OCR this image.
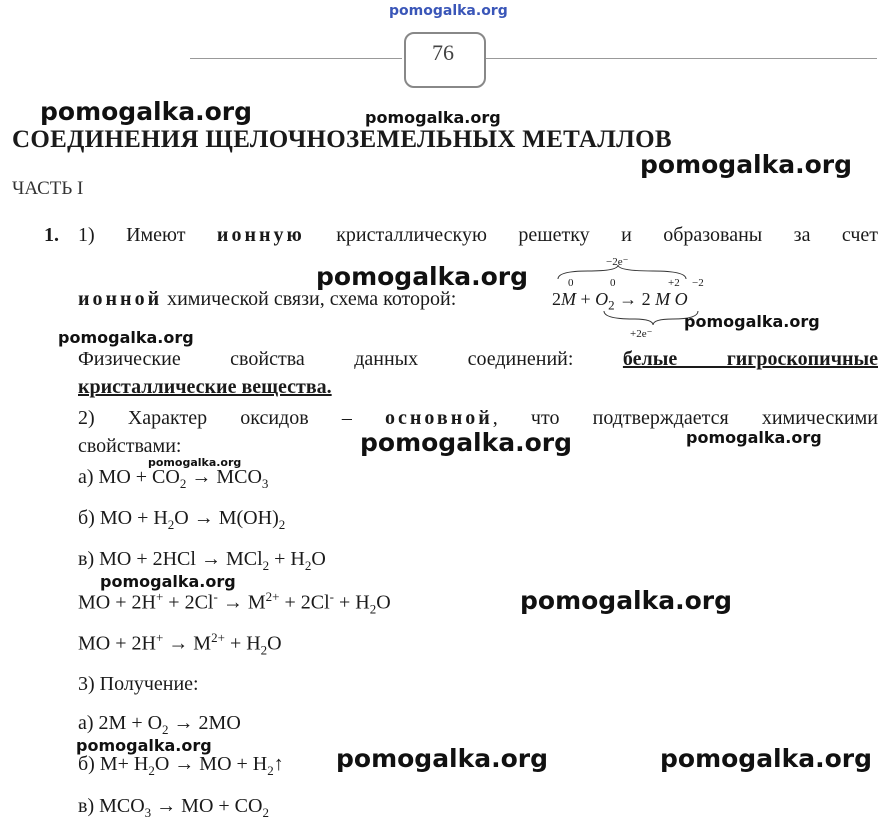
pomogalka.org
76
СОЕДИНЕНИЯ ЩЕЛОЧНОЗЕМЕЛЬНЫХ МЕТАЛЛОВ
ЧАСТЬ I
1. 1) Имеют ионную кристаллическую решетку и образованы за счет
ионной химической связи, схема которой:
−2e⁻
0	0	+2 −2
$2M + O_2 \to 2$ M O
+2e⁻
Физические свойства данных соединений: белые гигроскопичные
кристаллические вещества.
2) Характер оксидов – основной, что подтверждается химическими
свойствами:
а) MO + $CO_2 \to MCO_3$
б) MO + $H_2O \to M(OH)_2$
в) MO + $2HCl \to MCl_2 + H_2O$
MO + $2H^+ + 2Cl^- \to M^{2+} + 2Cl^- + H_2O$
MO + $2H^+ \to M^{2+} + H_2O$
3) Получение:
а) $2M + O_2 \to 2MO$
б) $M+ H_2O$ → MO + $H_2↑$
в) $MCO_3$ → MO + $CO_2$
pomogalka.org	pomogalka.org
pomogalka.org
pomogalka.org
pomogalka.org
pomogalka.org
pomogalka.org	pomogalka.org
pomogalka.org
pomogalka.org
pomogalka.org
pomogalka.org	pomogalka.org	pomogalka.org
